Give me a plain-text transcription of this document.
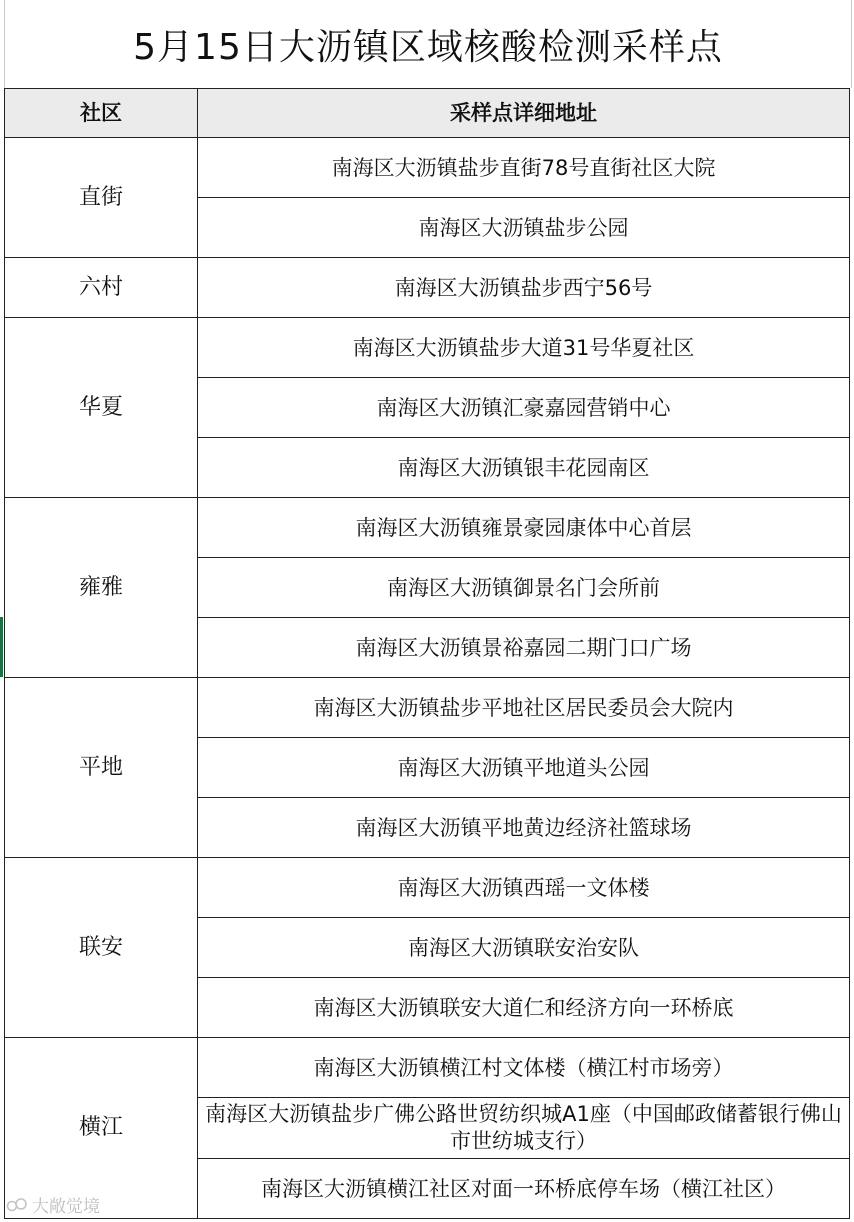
5月15日大沥镇区域核酸检测采样点
社区	采样点详细地址
直街	南海区大沥镇盐步直街78号直街社区大院
	南海区大沥镇盐步公园
六村	南海区大沥镇盐步西宁56号
华夏	南海区大沥镇盐步大道31号华夏社区
	南海区大沥镇汇豪嘉园营销中心
	南海区大沥镇银丰花园南区
雍雅	南海区大沥镇雍景豪园康体中心首层
	南海区大沥镇御景名门会所前
	南海区大沥镇景裕嘉园二期门口广场
平地	南海区大沥镇盐步平地社区居民委员会大院内
	南海区大沥镇平地道头公园
	南海区大沥镇平地黄边经济社篮球场
联安	南海区大沥镇西瑶一文体楼
	南海区大沥镇联安治安队
	南海区大沥镇联安大道仁和经济方向一环桥底
横江	南海区大沥镇横江村文体楼（横江村市场旁）
	南海区大沥镇盐步广佛公路世贸纺织城A1座（中国邮政储蓄银行佛山市世纺城支行）
	南海区大沥镇横江社区对面一环桥底停车场（横江社区）
大敞觉境
